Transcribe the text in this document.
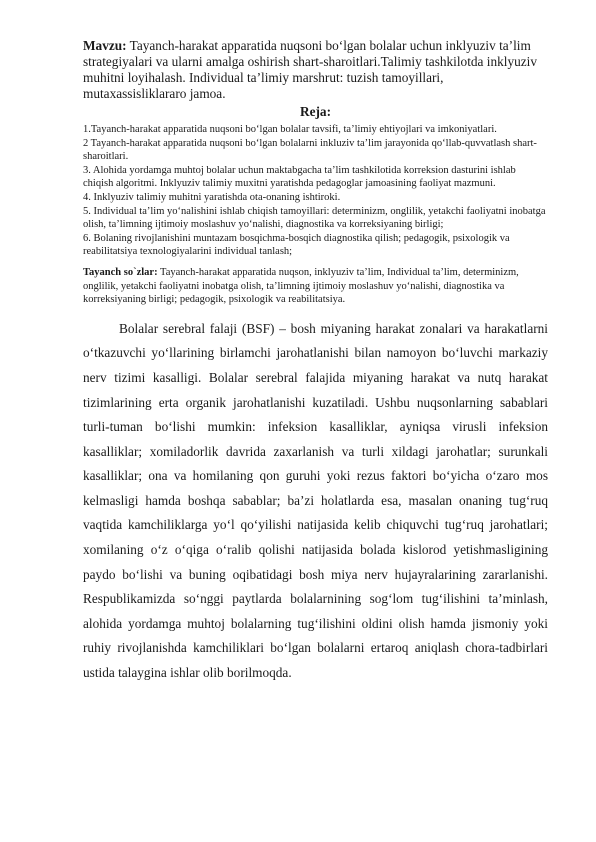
Mavzu: Tayanch-harakat apparatida nuqsoni bo‘lgan bolalar uchun inklyuziv ta’lim strategiyalari va ularni amalga oshirish shart-sharoitlari.Talimiy tashkilotda inklyuziv muhitni loyihalash. Individual ta’limiy marshrut: tuzish tamoyillari, mutaxassisliklararo jamoa.

Reja:
1.Tayanch-harakat apparatida nuqsoni bo‘lgan bolalar tavsifi, ta’limiy ehtiyojlari va imkoniyatlari.
2 Tayanch-harakat apparatida nuqsoni bo‘lgan bolalarni inkluziv ta’lim jarayonida qo‘llab-quvvatlash shart-sharoitlari.
3. Alohida yordamga muhtoj bolalar uchun maktabgacha ta’lim tashkilotida korreksion dasturini ishlab chiqish algoritmi. Inklyuziv talimiy muxitni yaratishda pedagoglar jamoasining faoliyat mazmuni.
4. Inklyuziv talimiy muhitni yaratishda ota-onaning ishtiroki.
5. Individual ta’lim yo‘nalishini ishlab chiqish tamoyillari: determinizm, onglilik, yetakchi faoliyatni inobatga olish, ta’limning ijtimoiy moslashuv yo‘nalishi, diagnostika va korreksiyaning birligi;
6. Bolaning rivojlanishini muntazam bosqichma-bosqich diagnostika qilish; pedagogik, psixologik va reabilitatsiya texnologiyalarini individual tanlash;

Tayanch so`zlar: Tayanch-harakat apparatida nuqson, inklyuziv ta’lim, Individual ta’lim, determinizm, onglilik, yetakchi faoliyatni inobatga olish, ta’limning ijtimoiy moslashuv yo‘nalishi, diagnostika va korreksiyaning birligi; pedagogik, psixologik va reabilitatsiya.

Bolalar serebral falaji (BSF) – bosh miyaning harakat zonalari va harakatlarni o‘tkazuvchi yo‘llarining birlamchi jarohatlanishi bilan namoyon bo‘luvchi markaziy nerv tizimi kasalligi. Bolalar serebral falajida miyaning harakat va nutq harakat tizimlarining erta organik jarohatlanishi kuzatiladi. Ushbu nuqsonlarning sabablari turli-tuman bo‘lishi mumkin: infeksion kasalliklar, ayniqsa virusli infeksion kasalliklar; xomiladorlik davrida zaxarlanish va turli xildagi jarohatlar; surunkali kasalliklar; ona va homilaning qon guruhi yoki rezus faktori bo‘yicha o‘zaro mos kelmasligi hamda boshqa sabablar; ba’zi holatlarda esa, masalan onaning tug‘ruq vaqtida kamchiliklarga yo‘l qo‘yilishi natijasida kelib chiquvchi tug‘ruq jarohatlari; xomilaning o‘z o‘qiga o‘ralib qolishi natijasida bolada kislorod yetishmasligining paydo bo‘lishi va buning oqibatidagi bosh miya nerv hujayralarining zararlanishi. Respublikamizda so‘nggi paytlarda bolalarnining sog‘lom tug‘ilishini ta’minlash, alohida yordamga muhtoj bolalarning tug‘ilishini oldini olish hamda jismoniy yoki ruhiy rivojlanishda kamchiliklari bo‘lgan bolalarni ertaroq aniqlash chora-tadbirlari ustida talaygina ishlar olib borilmoqda.
